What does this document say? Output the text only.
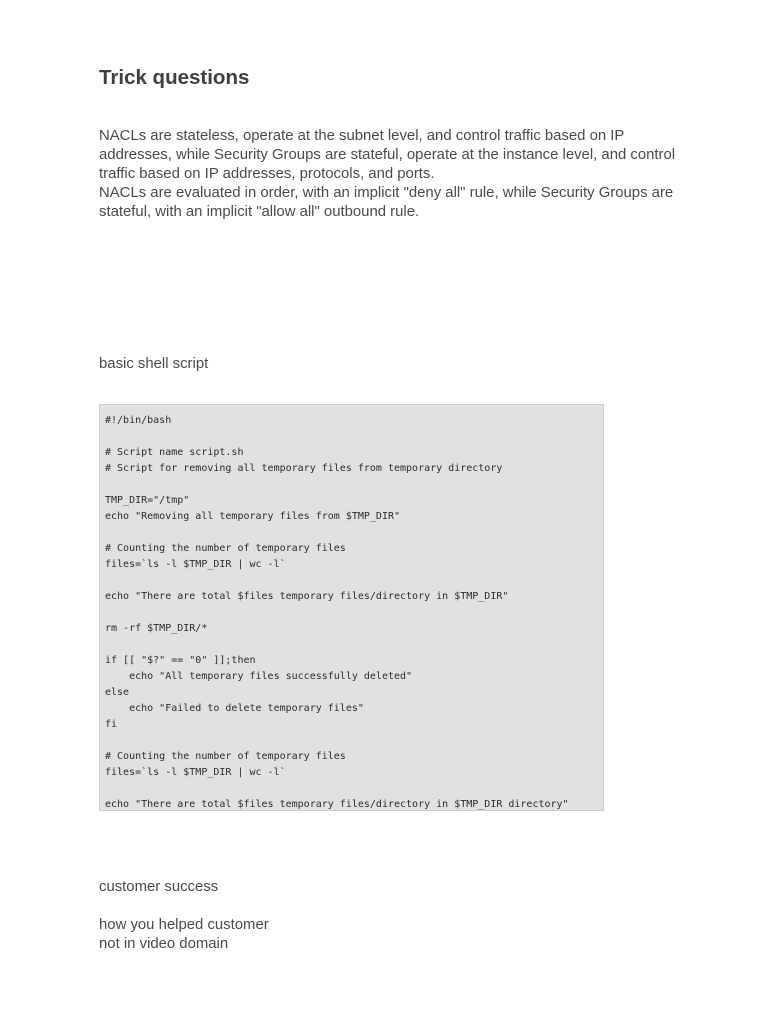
Trick questions

NACLs are stateless, operate at the subnet level, and control traffic based on IP addresses, while Security Groups are stateful, operate at the instance level, and control traffic based on IP addresses, protocols, and ports.

NACLs are evaluated in order, with an implicit "deny all" rule, while Security Groups are stateful, with an implicit "allow all" outbound rule.

basic shell script

#!/bin/bash
# Script name script.sh
# Script for removing all temporary files from temporary directory
TMP_DIR="/tmp"
echo "Removing all temporary files from $TMP_DIR"
# Counting the number of temporary files
files=`ls -l $TMP_DIR | wc -l`
echo "There are total $files temporary files/directory in $TMP_DIR"
rm -rf $TMP_DIR/*
if [[ "$?" == "0" ]];then
echo "All temporary files successfully deleted"
else
echo "Failed to delete temporary files"
fi
# Counting the number of temporary files
files=`ls -l $TMP_DIR | wc -l`
echo "There are total $files temporary files/directory in $TMP_DIR directory"

customer success

how you helped customer

not in video domain
